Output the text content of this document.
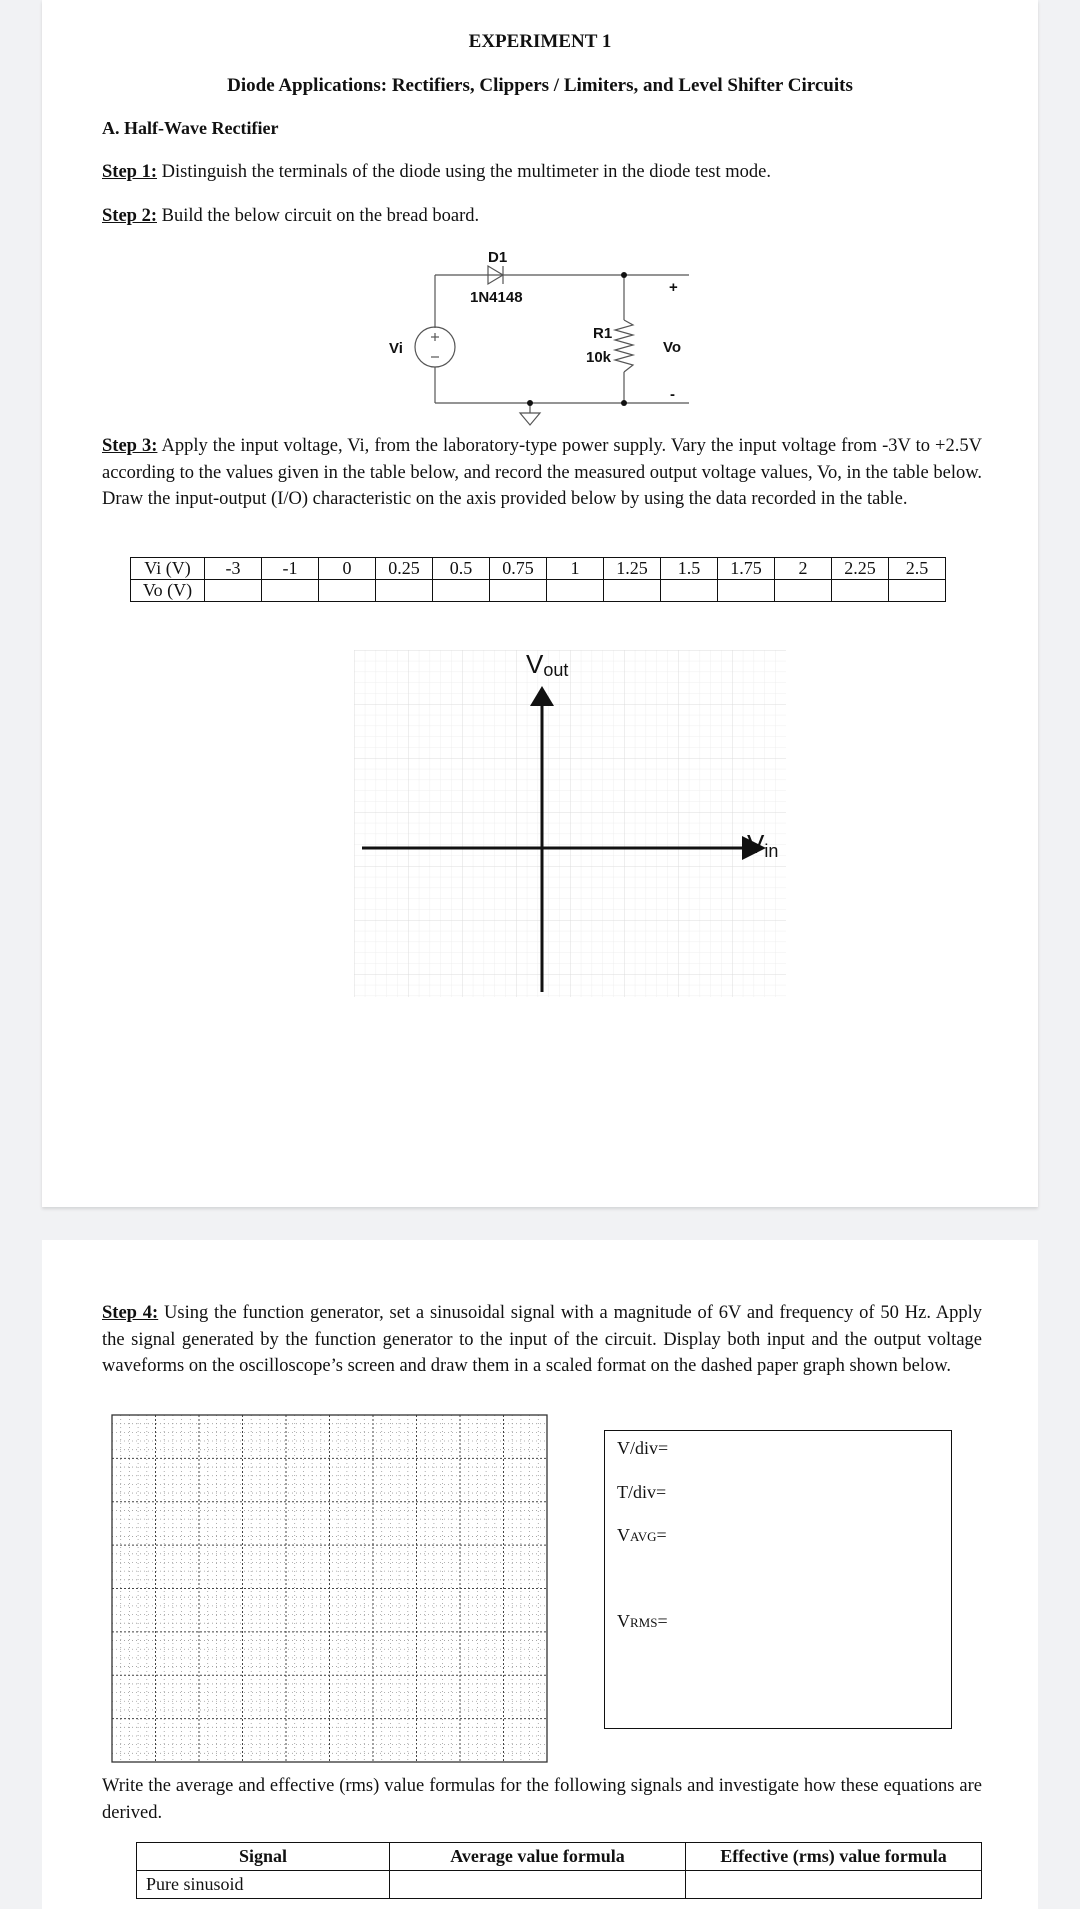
EXPERIMENT 1
Diode Applications: Rectifiers, Clippers / Limiters, and Level Shifter Circuits
A. Half-Wave Rectifier
Step 1: Distinguish the terminals of the diode using the multimeter in the diode test mode.
Step 2: Build the below circuit on the bread board.
D1
1N4148
R1
10k
Vi	Vo
+
-
Step 3: Apply the input voltage, Vi, from the laboratory-type power supply. Vary the input voltage from -3V to +2.5V according to the values given in the table below, and record the measured output voltage values, Vo, in the table below. Draw the input-output (I/O) characteristic on the axis provided below by using the data recorded in the table.
Vi (V)	-3	-1	0	0.25	0.5	0.75	1	1.25	1.5	1.75	2	2.25	2.5
Vo (V)													
Vout
Vin
Step 4: Using the function generator, set a sinusoidal signal with a magnitude of 6V and frequency of 50 Hz. Apply the signal generated by the function generator to the input of the circuit. Display both input and the output voltage waveforms on the oscilloscope’s screen and draw them in a scaled format on the dashed paper graph shown below.
V/div=
T/div=
VAVG=
VRMS=
Write the average and effective (rms) value formulas for the following signals and investigate how these equations are derived.
Signal	Average value formula	Effective (rms) value formula
Pure sinusoid		
